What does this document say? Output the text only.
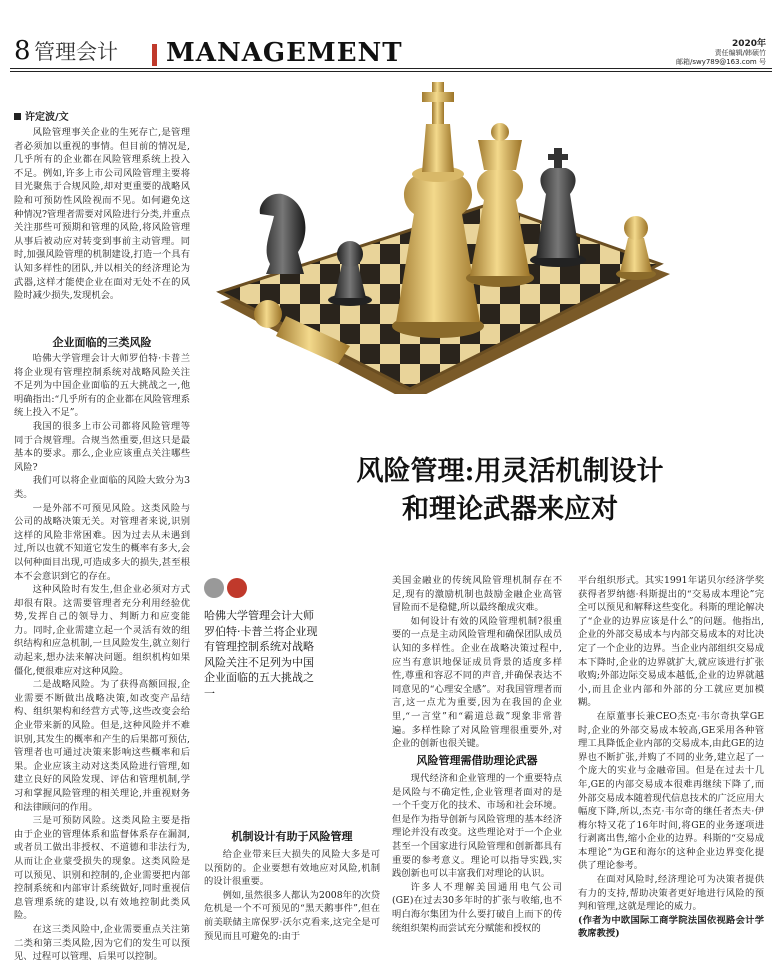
8 管理会计 MANAGEMENT	2020年
责任编辑/韩硕竹
邮箱/swy789@163.com 号
许定波/文

风险管理事关企业的生死存亡,是管理者必须加以重视的事情。但目前的情况是,几乎所有的企业都在风险管理系统上投入不足。例如,许多上市公司风险管理主要将目光聚焦于合规风险,却对更重要的战略风险和可预防性风险视而不见。如何避免这种情况?管理者需要对风险进行分类,并重点关注那些可预期和管理的风险,将风险管理从事后被动应对转变到事前主动管理。同时,加强风险管理的机制建设,打造一个具有认知多样性的团队,并以相关的经济理论为武器,这样才能使企业在面对无处不在的风险时减少损失,发现机会。

企业面临的三类风险

哈佛大学管理会计大师罗伯特·卡普兰将企业现有管理控制系统对战略风险关注不足列为中国企业面临的五大挑战之一,他明确指出:“几乎所有的企业都在风险管理系统上投入不足”。

我国的很多上市公司都将风险管理等同于合规管理。合规当然重要,但这只是最基本的要求。那么,企业应该重点关注哪些风险?

我们可以将企业面临的风险大致分为3类。

一是外部不可预见风险。这类风险与公司的战略决策无关。对管理者来说,识别这样的风险非常困难。因为过去从未遇到过,所以也就不知道它发生的概率有多大,会以何种面目出现,可造成多大的损失,甚至根本不会意识到它的存在。

这种风险时有发生,但企业必须对方式却很有限。这需要管理者充分利用经验优势,发挥自己的领导力、判断力和应变能力。同时,企业需建立起一个灵活有效的组织结构和应急机制,一旦风险发生,就立刻行动起来,想办法来解决问题。组织机构如果僵化,便很难应对这种风险。

二是战略风险。为了获得高额回报,企业需要不断做出战略决策,如改变产品结构、组织架构和经营方式等,这些改变会给企业带来新的风险。但是,这种风险并不难识别,其发生的概率和产生的后果都可预估,管理者也可通过决策来影响这些概率和后果。企业应该主动对这类风险进行管理,如建立良好的风险发现、评估和管理机制,学习和掌握风险管理的相关理论,并重视财务和法律顾问的作用。

三是可预防风险。这类风险主要是指由于企业的管理体系和监督体系存在漏洞,或者员工做出非授权、不道德和非法行为,从而让企业蒙受损失的现象。这类风险是可以预见、识别和控制的,企业需要把内部控制系统和内部审计系统做好,同时重视信息管理系统的建设,以有效地控制此类风险。

在这三类风险中,企业需要重点关注第二类和第三类风险,因为它们的发生可以预见、过程可以管理、后果可以控制。

风险管理:用灵活机制设计
和理论武器来应对
哈佛大学管理会计大师罗伯特·卡普兰将企业现有管理控制系统对战略风险关注不足列为中国企业面临的五大挑战之一
机制设计有助于风险管理

给企业带来巨大损失的风险大多是可以预防的。企业要想有效地应对风险,机制的设计很重要。

例如,虽然很多人都认为2008年的次贷危机是一个不可预见的“黑天鹅事件”,但在前美联储主席保罗·沃尔克看来,这完全是可预见而且可避免的:由于

美国金融业的传统风险管理机制存在不足,现有的激励机制也鼓励金融企业高管冒险而不是稳健,所以最终酿成灾难。

如何设计有效的风险管理机制?很重要的一点是主动风险管理和确保团队成员认知的多样性。企业在战略决策过程中,应当有意识地保证成员背景的适度多样性,尊重和容忍不同的声音,并确保表达不同意见的“心理安全感”。对我国管理者而言,这一点尤为重要,因为在我国的企业里,“一言堂”和“霸道总裁”现象非常普遍。多样性除了对风险管理很重要外,对企业的创新也很关键。

风险管理需借助理论武器

现代经济和企业管理的一个重要特点是风险与不确定性,企业管理者面对的是一个千变万化的技术、市场和社会环境。但是作为指导创新与风险管理的基本经济理论并没有改变。这些理论对于一个企业甚至一个国家进行风险管理和创新都具有重要的参考意义。理论可以指导实践,实践创新也可以丰富我们对理论的认识。

许多人不理解美国通用电气公司(GE)在过去30多年时的扩张与收缩,也不明白海尔集团为什么要打破自上而下的传统组织架构而尝试充分赋能和授权的

平台组织形式。其实1991年诺贝尔经济学奖获得者罗纳德·科斯提出的“交易成本理论”完全可以预见和解释这些变化。科斯的理论解决了“企业的边界应该是什么”的问题。他指出,企业的外部交易成本与内部交易成本的对比决定了一个企业的边界。当企业内部组织交易成本下降时,企业的边界就扩大,就应该进行扩张收购;外部边际交易成本越低,企业的边界就越小,而且企业内部和外部的分工就应更加模糊。

在原董事长兼CEO杰克·韦尔奇执掌GE时,企业的外部交易成本较高,GE采用各种管理工具降低企业内部的交易成本,由此GE的边界也不断扩张,并购了不同的业务,建立起了一个庞大的实业与金融帝国。但是在过去十几年,GE的内部交易成本很难再继续下降了,而外部交易成本随着现代信息技术的广泛应用大幅度下降,所以,杰克·韦尔奇的继任者杰夫·伊梅尔特又花了16年时间,将GE的业务逐项进行剥离出售,缩小企业的边界。科斯的“交易成本理论”为GE和海尔的这种企业边界变化提供了理论参考。

在面对风险时,经济理论可为决策者提供有力的支持,帮助决策者更好地进行风险的预判和管理,这就是理论的威力。

(作者为中欧国际工商学院法国依视路会计学教席教授)
